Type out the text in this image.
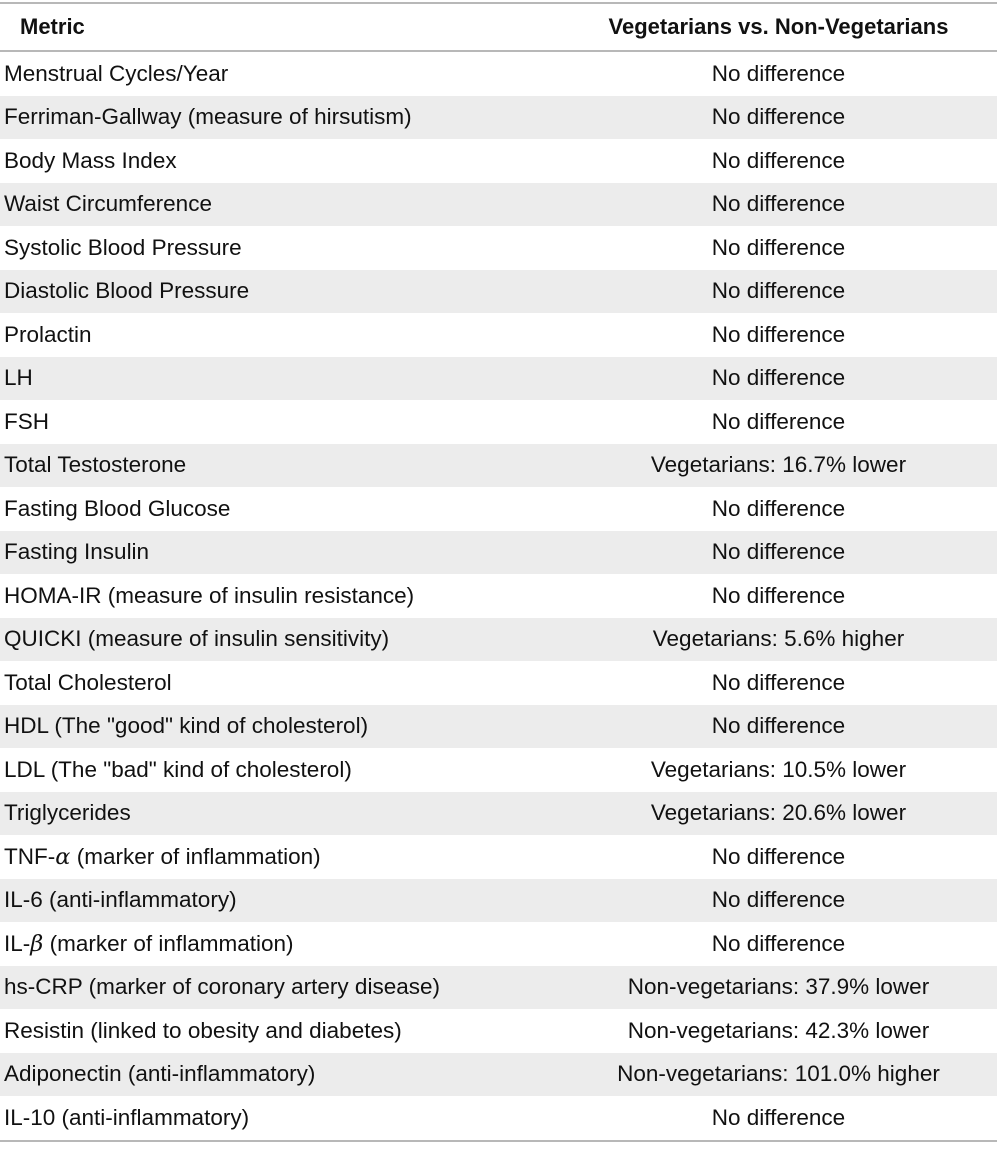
Metric	Vegetarians vs. Non-Vegetarians
Menstrual Cycles/Year	No difference
Ferriman-Gallway (measure of hirsutism)	No difference
Body Mass Index	No difference
Waist Circumference	No difference
Systolic Blood Pressure	No difference
Diastolic Blood Pressure	No difference
Prolactin	No difference
LH	No difference
FSH	No difference
Total Testosterone	Vegetarians: 16.7% lower
Fasting Blood Glucose	No difference
Fasting Insulin	No difference
HOMA-IR (measure of insulin resistance)	No difference
QUICKI (measure of insulin sensitivity)	Vegetarians: 5.6% higher
Total Cholesterol	No difference
HDL (The "good" kind of cholesterol)	No difference
LDL (The "bad" kind of cholesterol)	Vegetarians: 10.5% lower
Triglycerides	Vegetarians: 20.6% lower
TNF-α (marker of inflammation)	No difference
IL-6 (anti-inflammatory)	No difference
IL-β (marker of inflammation)	No difference
hs-CRP (marker of coronary artery disease)	Non-vegetarians: 37.9% lower
Resistin (linked to obesity and diabetes)	Non-vegetarians: 42.3% lower
Adiponectin (anti-inflammatory)	Non-vegetarians: 101.0% higher
IL-10 (anti-inflammatory)	No difference
